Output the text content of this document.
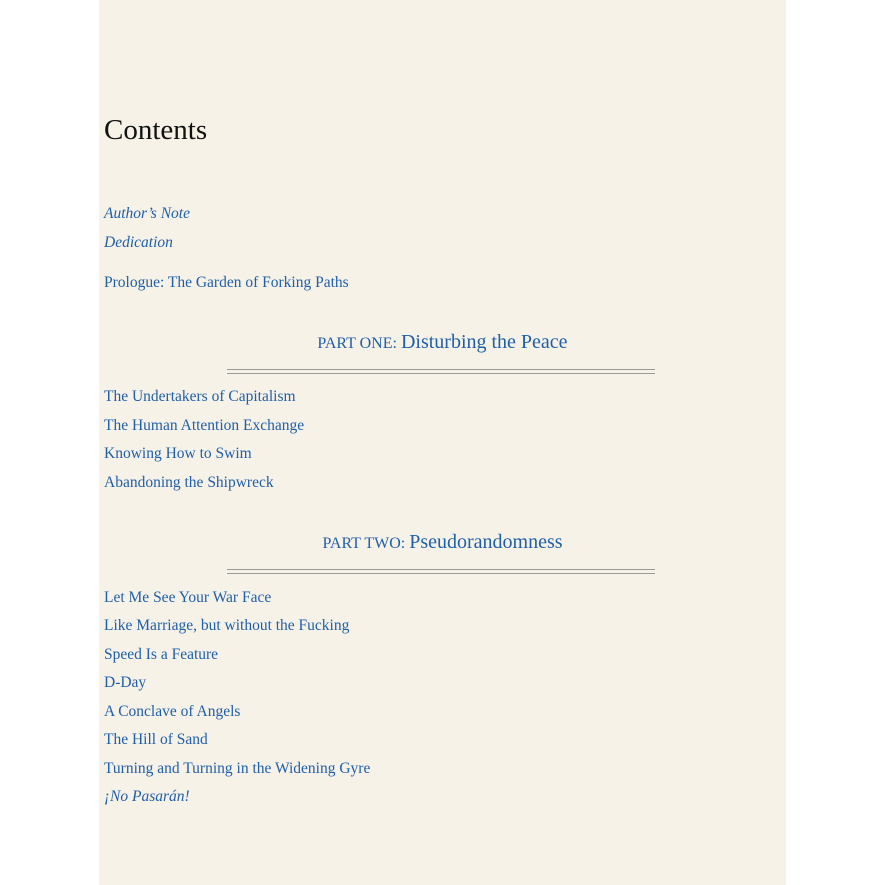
Contents
Author’s Note
Dedication
Prologue: The Garden of Forking Paths
PART ONE: Disturbing the Peace
The Undertakers of Capitalism
The Human Attention Exchange
Knowing How to Swim
Abandoning the Shipwreck
PART TWO: Pseudorandomness
Let Me See Your War Face
Like Marriage, but without the Fucking
Speed Is a Feature
D-Day
A Conclave of Angels
The Hill of Sand
Turning and Turning in the Widening Gyre
¡No Pasarán!
